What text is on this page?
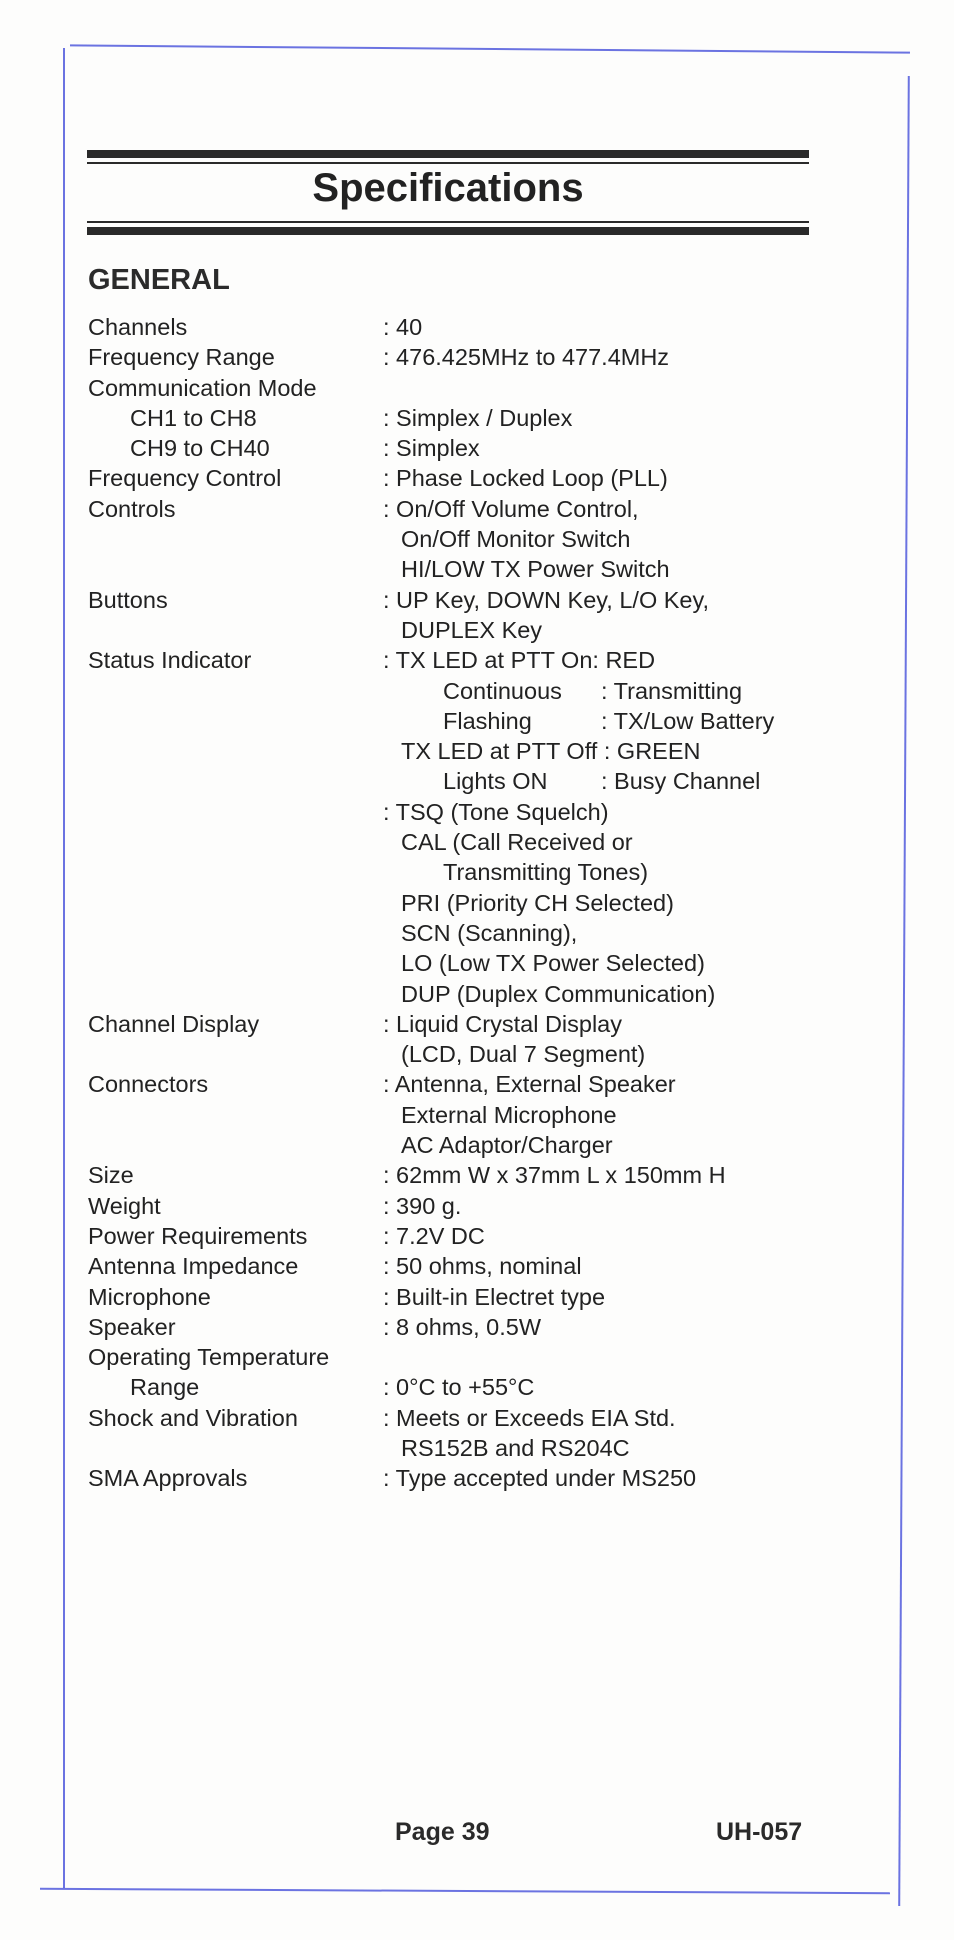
Specifications
GENERAL
Channels	: 40
Frequency Range	: 476.425MHz to 477.4MHz
Communication Mode
CH1 to CH8	: Simplex / Duplex
CH9 to CH40	: Simplex
Frequency Control	: Phase Locked Loop (PLL)
Controls	: On/Off Volume Control,
On/Off Monitor Switch
HI/LOW TX Power Switch
Buttons	: UP Key, DOWN Key, L/O Key,
DUPLEX Key
Status Indicator	: TX LED at PTT On: RED
Continuous : Transmitting
Flashing	: TX/Low Battery
TX LED at PTT Off : GREEN
Lights ON : Busy Channel
: TSQ (Tone Squelch)
CAL (Call Received or
Transmitting Tones)
PRI (Priority CH Selected)
SCN (Scanning),
LO (Low TX Power Selected)
DUP (Duplex Communication)
Channel Display	: Liquid Crystal Display
(LCD, Dual 7 Segment)
Connectors	: Antenna, External Speaker
External Microphone
AC Adaptor/Charger
Size	: 62mm W x 37mm L x 150mm H
Weight	: 390 g.
Power Requirements	: 7.2V DC
Antenna Impedance	: 50 ohms, nominal
Microphone	: Built-in Electret type
Speaker	: 8 ohms, 0.5W
Operating Temperature
Range	: 0°C to +55°C
Shock and Vibration	: Meets or Exceeds EIA Std.
RS152B and RS204C
SMA Approvals	: Type accepted under MS250
Page 39	UH-057
